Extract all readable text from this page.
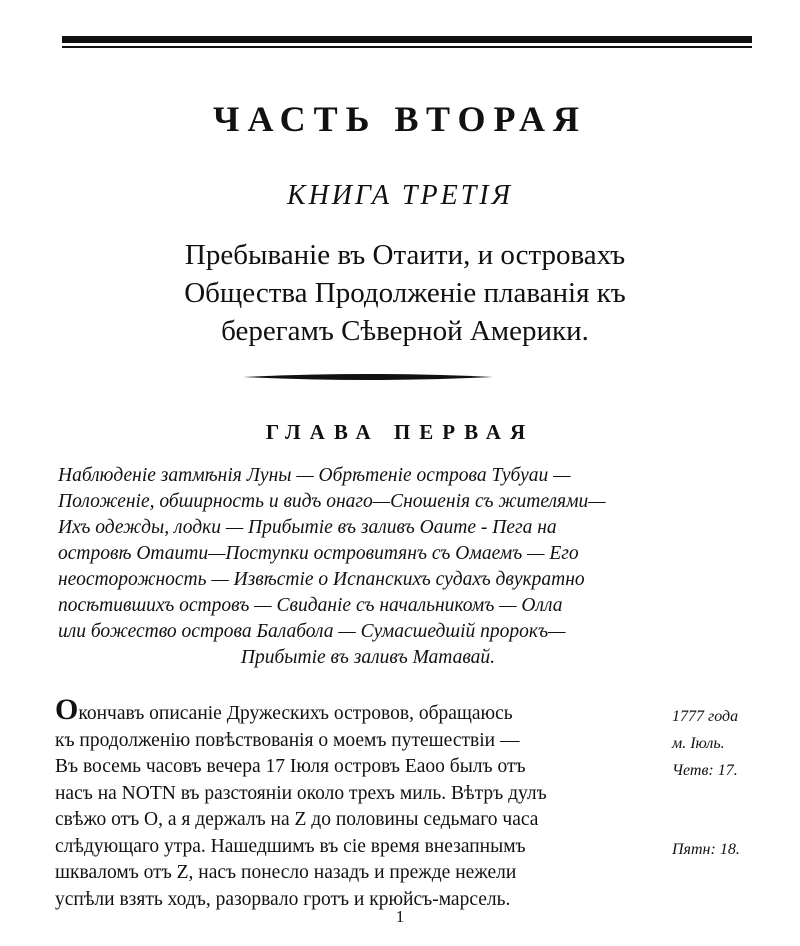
ЧАСТЬ ВТОРАЯ
КНИГА ТРЕТІЯ
Пребываніе въ Отаити, и островахъ
Общества Продолженіе плаванія къ
берегамъ Сѣверной Америки.
ГЛАВА ПЕРВАЯ
Наблюденіе затмѣнія Луны — Обрѣтеніе острова Тубуаи —
Положеніе, обширность и видъ онаго—Сношенія съ жителями—
Ихъ одежды, лодки — Прибытіе въ заливъ Оаите - Пега на
островѣ Отаити—Поступки островитянъ съ Омаемъ — Его
неосторожность — Извѣстіе о Испанскихъ судахъ двукратно
посѣтившихъ островъ — Свиданіе съ начальникомъ — Олла
или божество острова Балабола — Сумасшедшій пророкъ—
Прибытіе въ заливъ Матавай.
Окончавъ описаніе Дружескихъ островов, обращаюсь
къ продолженію повѣствованія о моемъ путешествіи —
Въ восемь часовъ вечера 17 Іюля островъ Еаоо былъ отъ
насъ на NOTN въ разстояніи около трехъ миль. Вѣтръ дулъ
свѣжо отъ О, а я держалъ на Z до половины седьмаго часа
слѣдующаго утра. Нашедшимъ въ сіе время внезапнымъ
шкваломъ отъ Z, насъ понесло назадъ и прежде нежели
успѣли взять ходъ, разорвало гротъ и крюйсъ-марсель.
1777 года
м. Іюль.
Четв: 17.
Пятн: 18.
1
